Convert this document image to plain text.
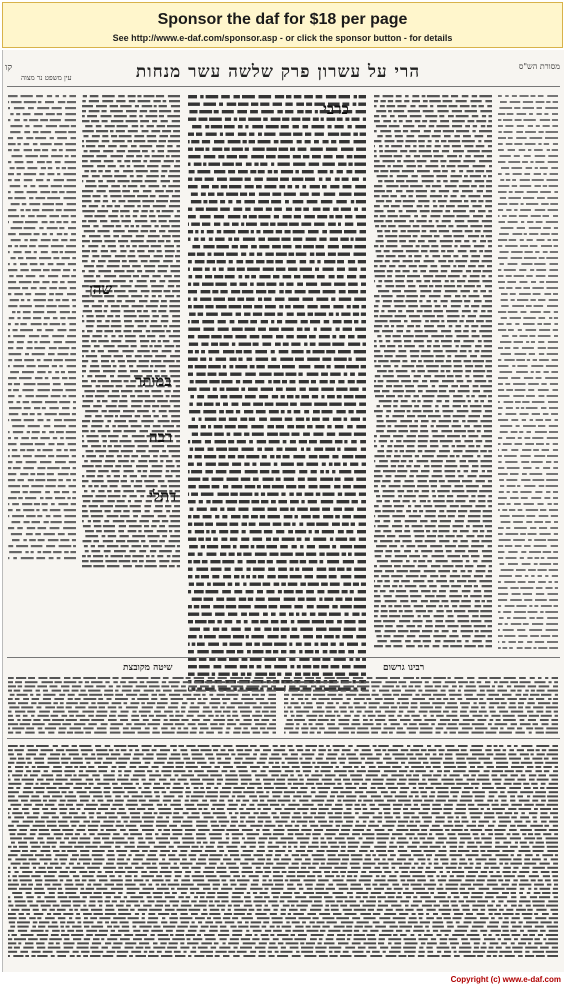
Sponsor the daf for $18 per page
See http://www.e-daf.com/sponsor.asp - or click the sponsor button - for details
קו
עין משפט נר מצוה	הרי על עשרון פרק שלשה עשר מנחות	מסורת הש"ס
כרבי
שהן
במותר
רבה
דתלי
שיטה מקובצת	רבינו גרשום
Copyright (c) www.e-daf.com
